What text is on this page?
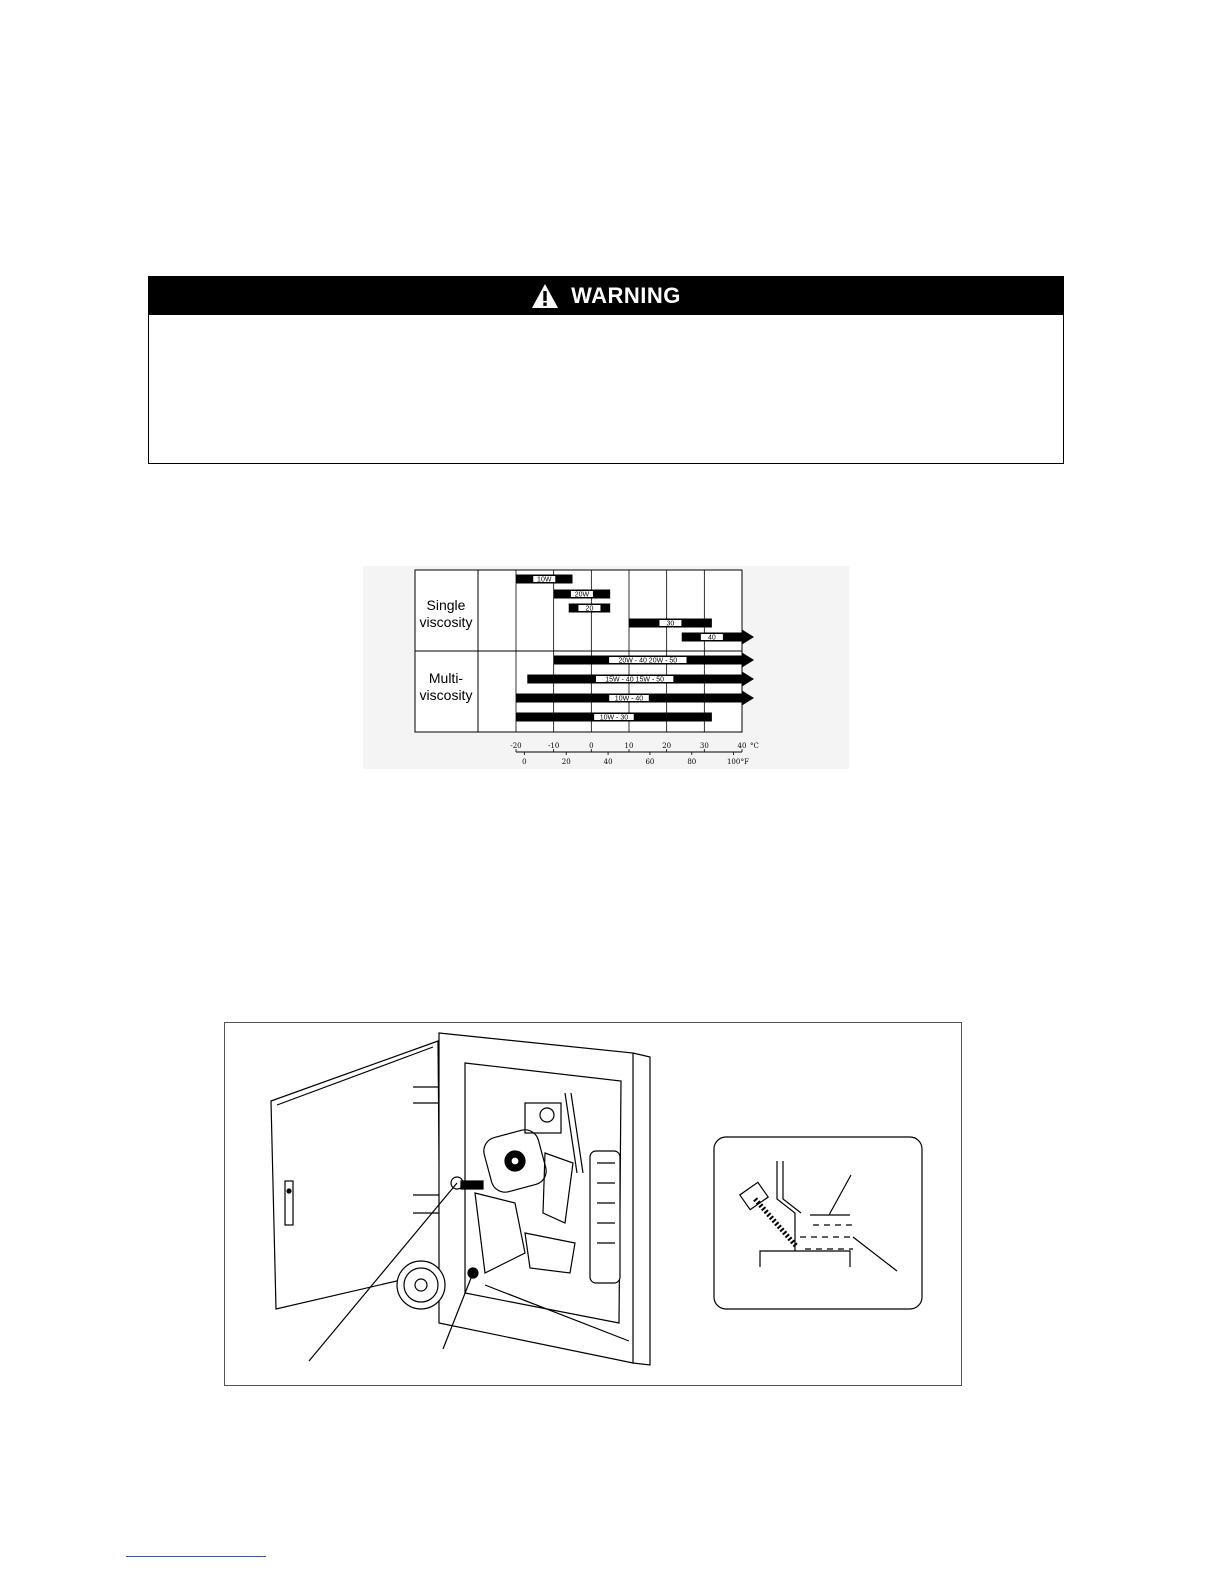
WARNING
Single
viscosity
Multi-
viscosity
10W
20W
20
30
40
20W - 40 20W - 50
15W - 40 15W - 50
10W - 40
10W - 30
-20	-10	0	10	20	30	40 °C
0	20	40	60	80	100 °F
